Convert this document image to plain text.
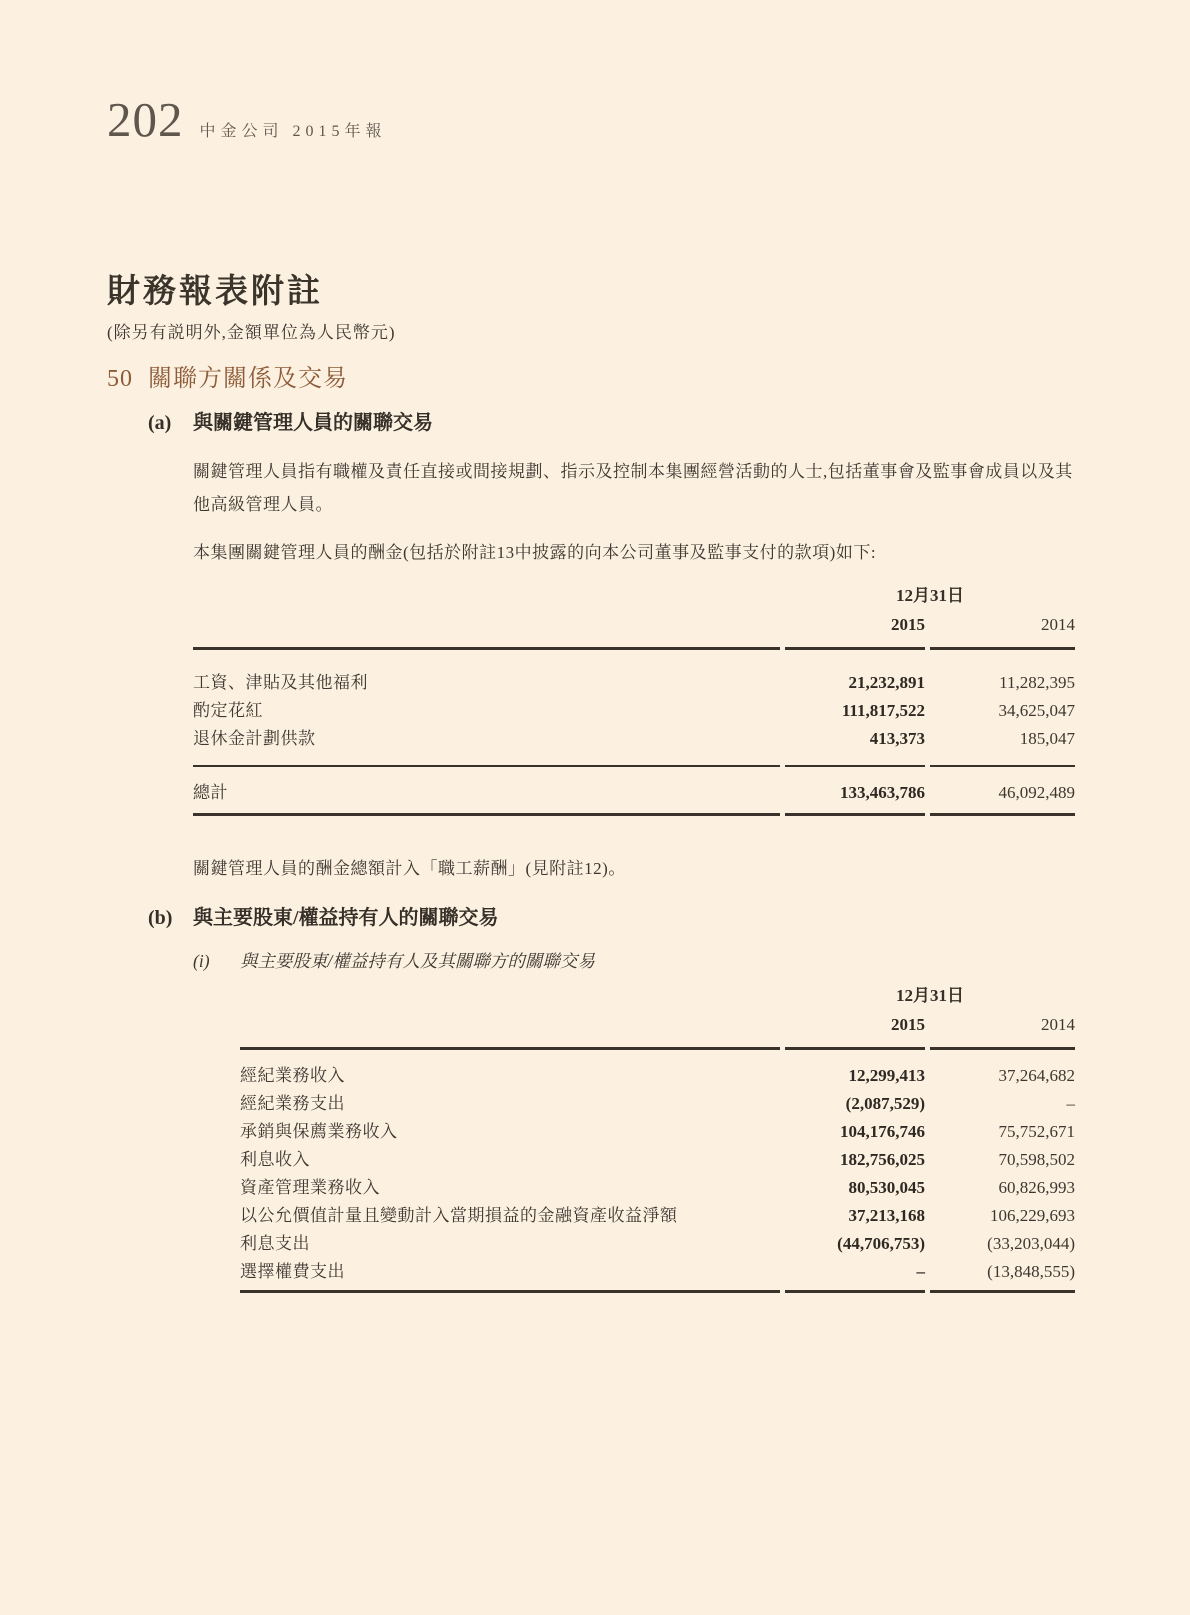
202 中金公司 2015年報
財務報表附註
(除另有説明外,金額單位為人民幣元)
50 關聯方關係及交易
(a) 與關鍵管理人員的關聯交易

關鍵管理人員指有職權及責任直接或間接規劃、指示及控制本集團經營活動的人士,包括董事會及監事會成員以及其他高級管理人員。

本集團關鍵管理人員的酬金(包括於附註13中披露的向本公司董事及監事支付的款項)如下:

12月31日
2015	2014
工資、津貼及其他福利	21,232,891	11,282,395
酌定花紅	111,817,522	34,625,047
退休金計劃供款	413,373	185,047
總計	133,463,786	46,092,489

關鍵管理人員的酬金總額計入「職工薪酬」(見附註12)。

(b) 與主要股東/權益持有人的關聯交易
(i) 與主要股東/權益持有人及其關聯方的關聯交易
12月31日
2015	2014
經紀業務收入	12,299,413	37,264,682
經紀業務支出	(2,087,529)	–
承銷與保薦業務收入	104,176,746	75,752,671
利息收入	182,756,025	70,598,502
資產管理業務收入	80,530,045	60,826,993
以公允價值計量且變動計入當期損益的金融資產收益淨額	37,213,168	106,229,693
利息支出	(44,706,753)	(33,203,044)
選擇權費支出	–	(13,848,555)
